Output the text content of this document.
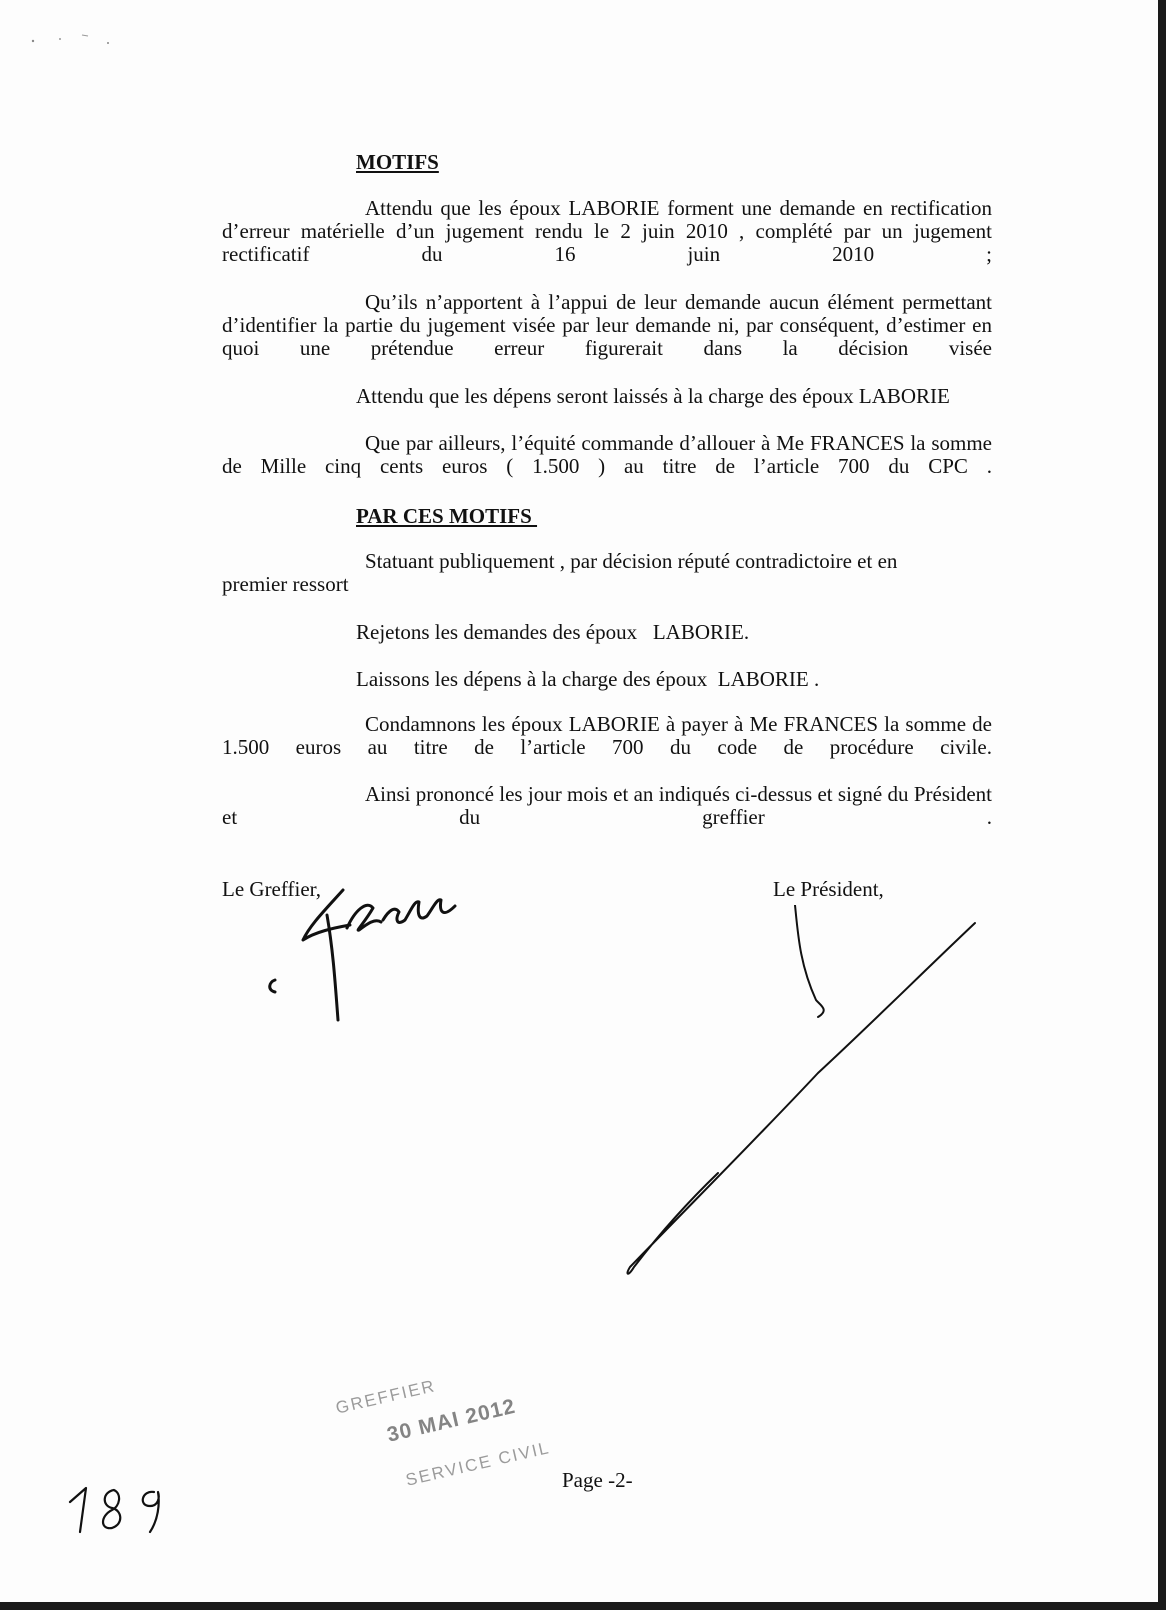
MOTIFS
Attendu que les époux LABORIE forment une demande en rectification d’erreur matérielle d’un jugement rendu le 2 juin 2010 , complété par un jugement rectificatif du 16 juin 2010 ;
Qu’ils n’apportent à l’appui de leur demande aucun élément permettant d’identifier la partie du jugement visée par leur demande ni, par conséquent, d’estimer en quoi une prétendue erreur figurerait dans la décision visée
Attendu que les dépens seront laissés à la charge des époux LABORIE
Que par ailleurs, l’équité commande d’allouer à Me FRANCES la somme de Mille cinq cents euros ( 1.500 ) au titre de l’article 700 du CPC .
PAR CES MOTIFS
Statuant publiquement , par décision réputé contradictoire et en premier ressort
Rejetons les demandes des époux   LABORIE.
Laissons les dépens à la charge des époux  LABORIE .
Condamnons les époux LABORIE à payer à Me FRANCES la somme de 1.500 euros au titre de l’article 700 du code de procédure civile.
Ainsi prononcé les jour mois et an indiqués ci-dessus et signé du Président et du greffier .
Le Greffier,	Le Président,
GREFFIER
30 MAI 2012
SERVICE CIVIL Page -2-
